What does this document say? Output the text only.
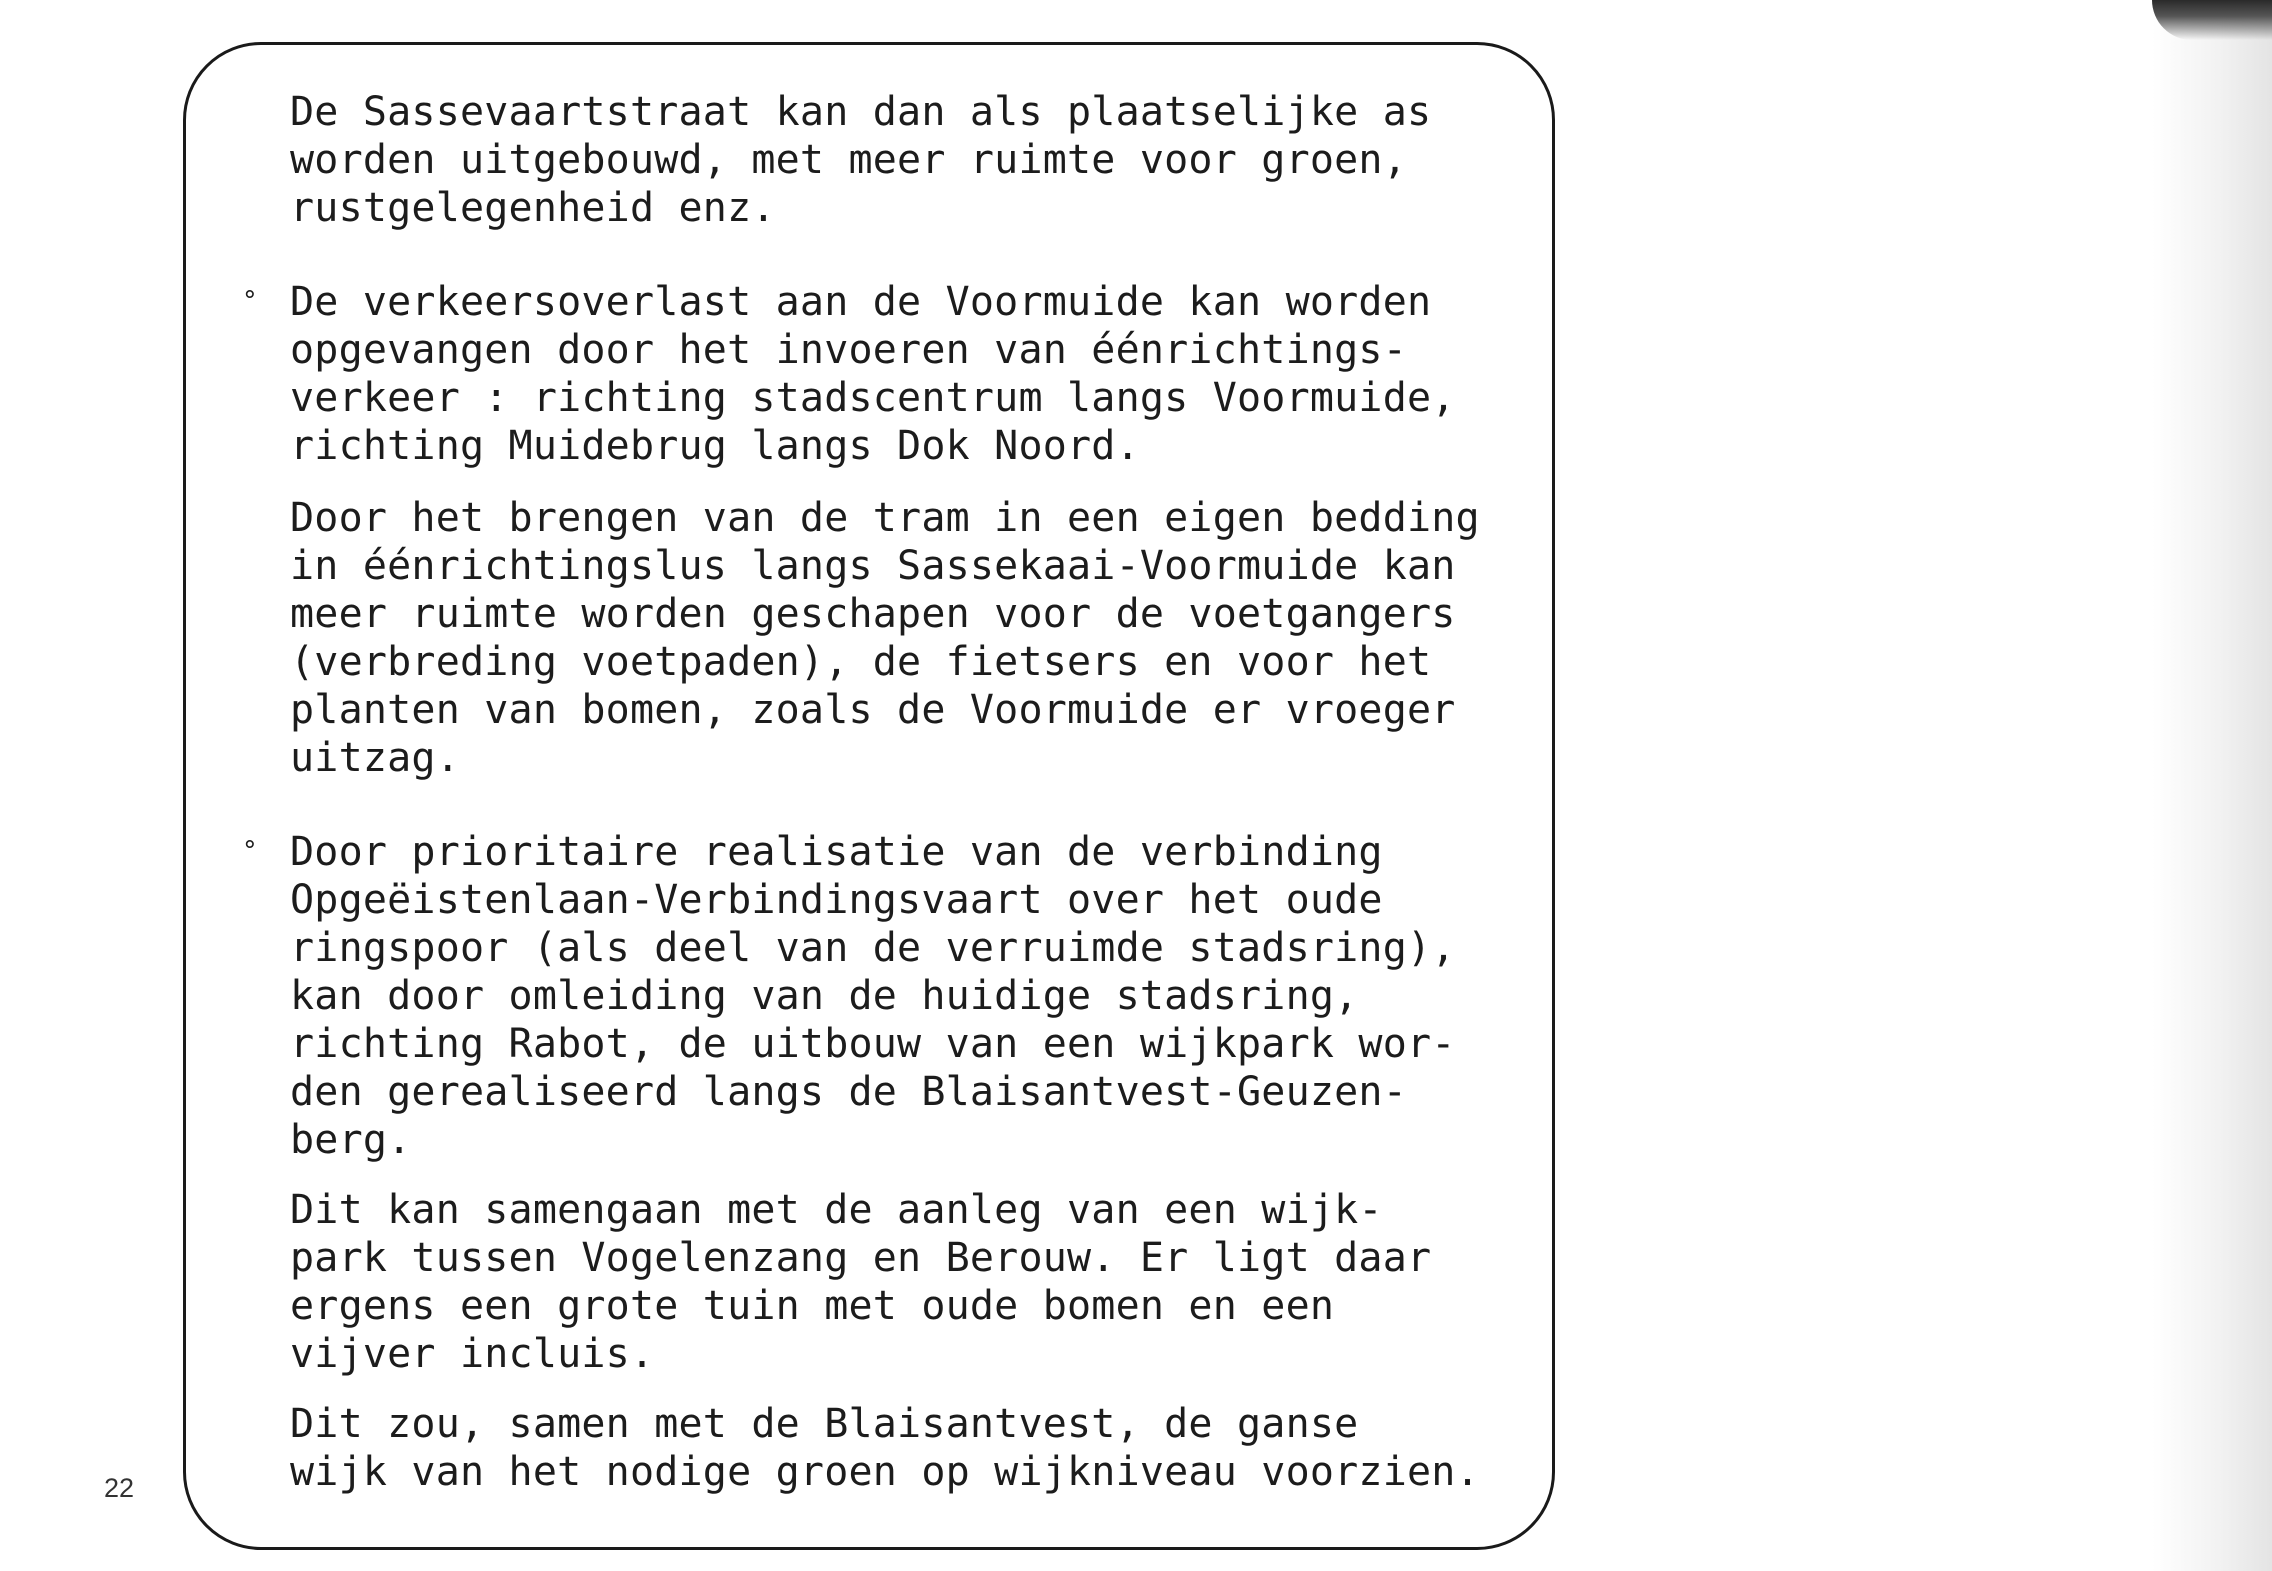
22

De Sassevaartstraat kan dan als plaatselijke as
worden uitgebouwd, met meer ruimte voor groen,
rustgelegenheid enz.

° De verkeersoverlast aan de Voormuide kan worden
opgevangen door het invoeren van éénrichtings-
verkeer : richting stadscentrum langs Voormuide,
richting Muidebrug langs Dok Noord.

Door het brengen van de tram in een eigen bedding
in éénrichtingslus langs Sassekaai-Voormuide kan
meer ruimte worden geschapen voor de voetgangers
(verbreding voetpaden), de fietsers en voor het
planten van bomen, zoals de Voormuide er vroeger
uitzag.

° Door prioritaire realisatie van de verbinding
Opgeëistenlaan-Verbindingsvaart over het oude
ringspoor (als deel van de verruimde stadsring),
kan door omleiding van de huidige stadsring,
richting Rabot, de uitbouw van een wijkpark wor-
den gerealiseerd langs de Blaisantvest-Geuzen-
berg.

Dit kan samengaan met de aanleg van een wijk-
park tussen Vogelenzang en Berouw. Er ligt daar
ergens een grote tuin met oude bomen en een
vijver incluis.

Dit zou, samen met de Blaisantvest, de ganse
wijk van het nodige groen op wijkniveau voorzien.
